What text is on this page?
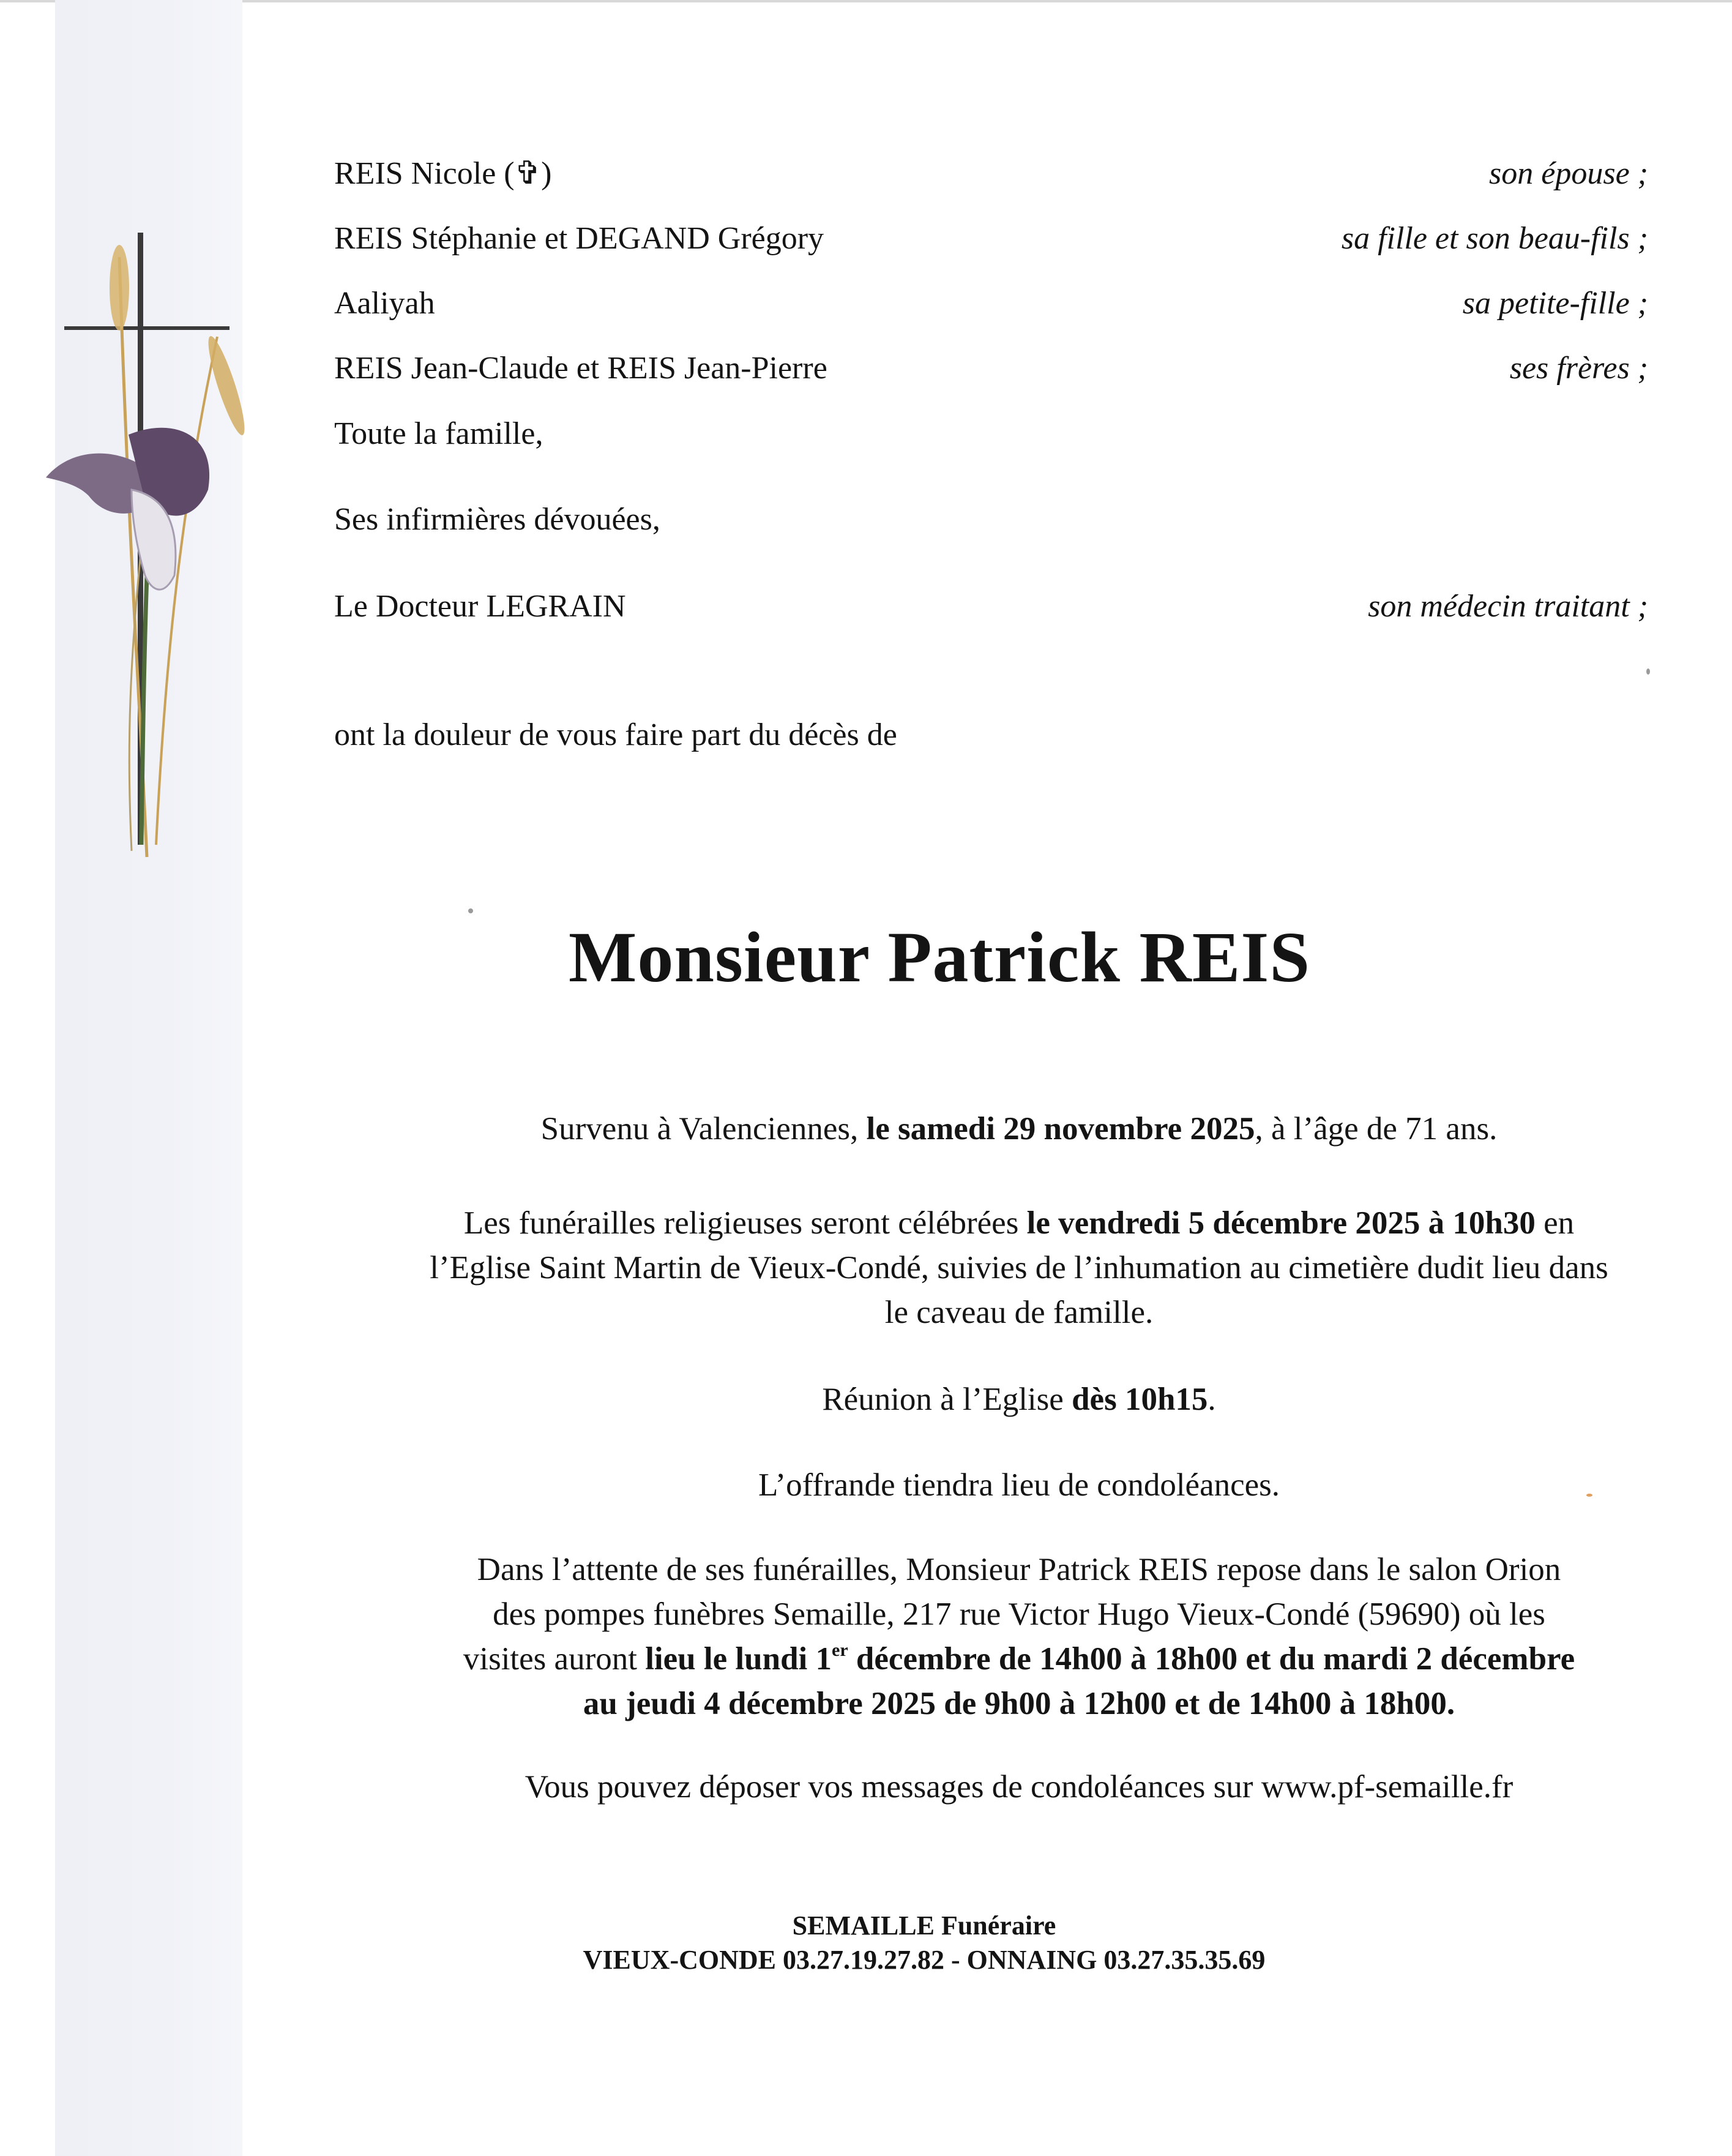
REIS Nicole (✞)	son épouse ;
REIS Stéphanie et DEGAND Grégory	sa fille et son beau-fils ;
Aaliyah	sa petite-fille ;
REIS Jean-Claude et REIS Jean-Pierre	ses frères ;
Toute la famille,
Ses infirmières dévouées,
Le Docteur LEGRAIN	son médecin traitant ;
ont la douleur de vous faire part du décès de
Monsieur Patrick REIS
Survenu à Valenciennes, le samedi 29 novembre 2025, à l’âge de 71 ans.
Les funérailles religieuses seront célébrées le vendredi 5 décembre 2025 à 10h30 en
l’Eglise Saint Martin de Vieux-Condé, suivies de l’inhumation au cimetière dudit lieu dans
le caveau de famille.
Réunion à l’Eglise dès 10h15.
L’offrande tiendra lieu de condoléances.
Dans l’attente de ses funérailles, Monsieur Patrick REIS repose dans le salon Orion
des pompes funèbres Semaille, 217 rue Victor Hugo Vieux-Condé (59690) où les
visites auront lieu le lundi 1er décembre de 14h00 à 18h00 et du mardi 2 décembre
au jeudi 4 décembre 2025 de 9h00 à 12h00 et de 14h00 à 18h00.
Vous pouvez déposer vos messages de condoléances sur www.pf-semaille.fr
SEMAILLE Funéraire
VIEUX-CONDE 03.27.19.27.82 - ONNAING 03.27.35.35.69
